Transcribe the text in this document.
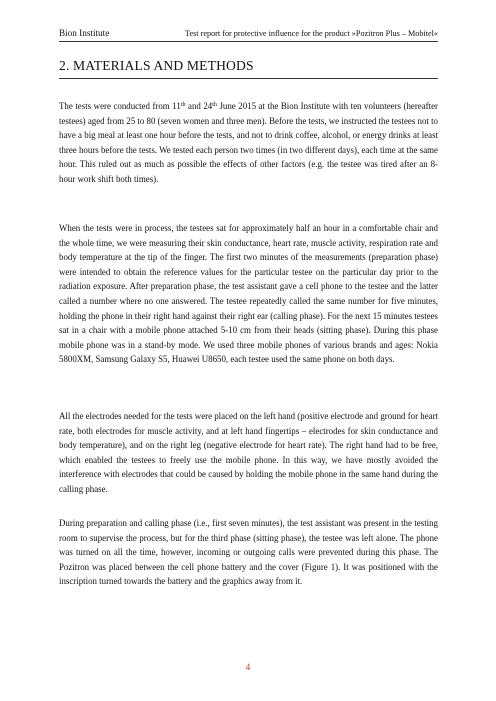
Bion Institute	Test report for protective influence for the product »Pozitron Plus – Mobitel«
2. MATERIALS AND METHODS

The tests were conducted from 11th and 24th June 2015 at the Bion Institute with ten volunteers (hereafter testees) aged from 25 to 80 (seven women and three men). Before the tests, we instructed the testees not to have a big meal at least one hour before the tests, and not to drink coffee, alcohol, or energy drinks at least three hours before the tests. We tested each person two times (in two different days), each time at the same hour. This ruled out as much as possible the effects of other factors (e.g. the testee was tired after an 8-hour work shift both times).

When the tests were in process, the testees sat for approximately half an hour in a comfortable chair and the whole time, we were measuring their skin conductance, heart rate, muscle activity, respiration rate and body temperature at the tip of the finger. The first two minutes of the measurements (preparation phase) were intended to obtain the reference values for the particular testee on the particular day prior to the radiation exposure. After preparation phase, the test assistant gave a cell phone to the testee and the latter called a number where no one answered. The testee repeatedly called the same number for five minutes, holding the phone in their right hand against their right ear (calling phase). For the next 15 minutes testees sat in a chair with a mobile phone attached 5-10 cm from their heads (sitting phase). During this phase mobile phone was in a stand-by mode. We used three mobile phones of various brands and ages: Nokia 5800XM, Samsung Galaxy S5, Huawei U8650, each testee used the same phone on both days.

All the electrodes needed for the tests were placed on the left hand (positive electrode and ground for heart rate, both electrodes for muscle activity, and at left hand fingertips – electrodes for skin conductance and body temperature), and on the right leg (negative electrode for heart rate). The right hand had to be free, which enabled the testees to freely use the mobile phone. In this way, we have mostly avoided the interference with electrodes that could be caused by holding the mobile phone in the same hand during the calling phase.

During preparation and calling phase (i.e., first seven minutes), the test assistant was present in the testing room to supervise the process, but for the third phase (sitting phase), the testee was left alone. The phone was turned on all the time, however, incoming or outgoing calls were prevented during this phase. The Pozitron was placed between the cell phone battery and the cover (Figure 1). It was positioned with the inscription turned towards the battery and the graphics away from it.

4
